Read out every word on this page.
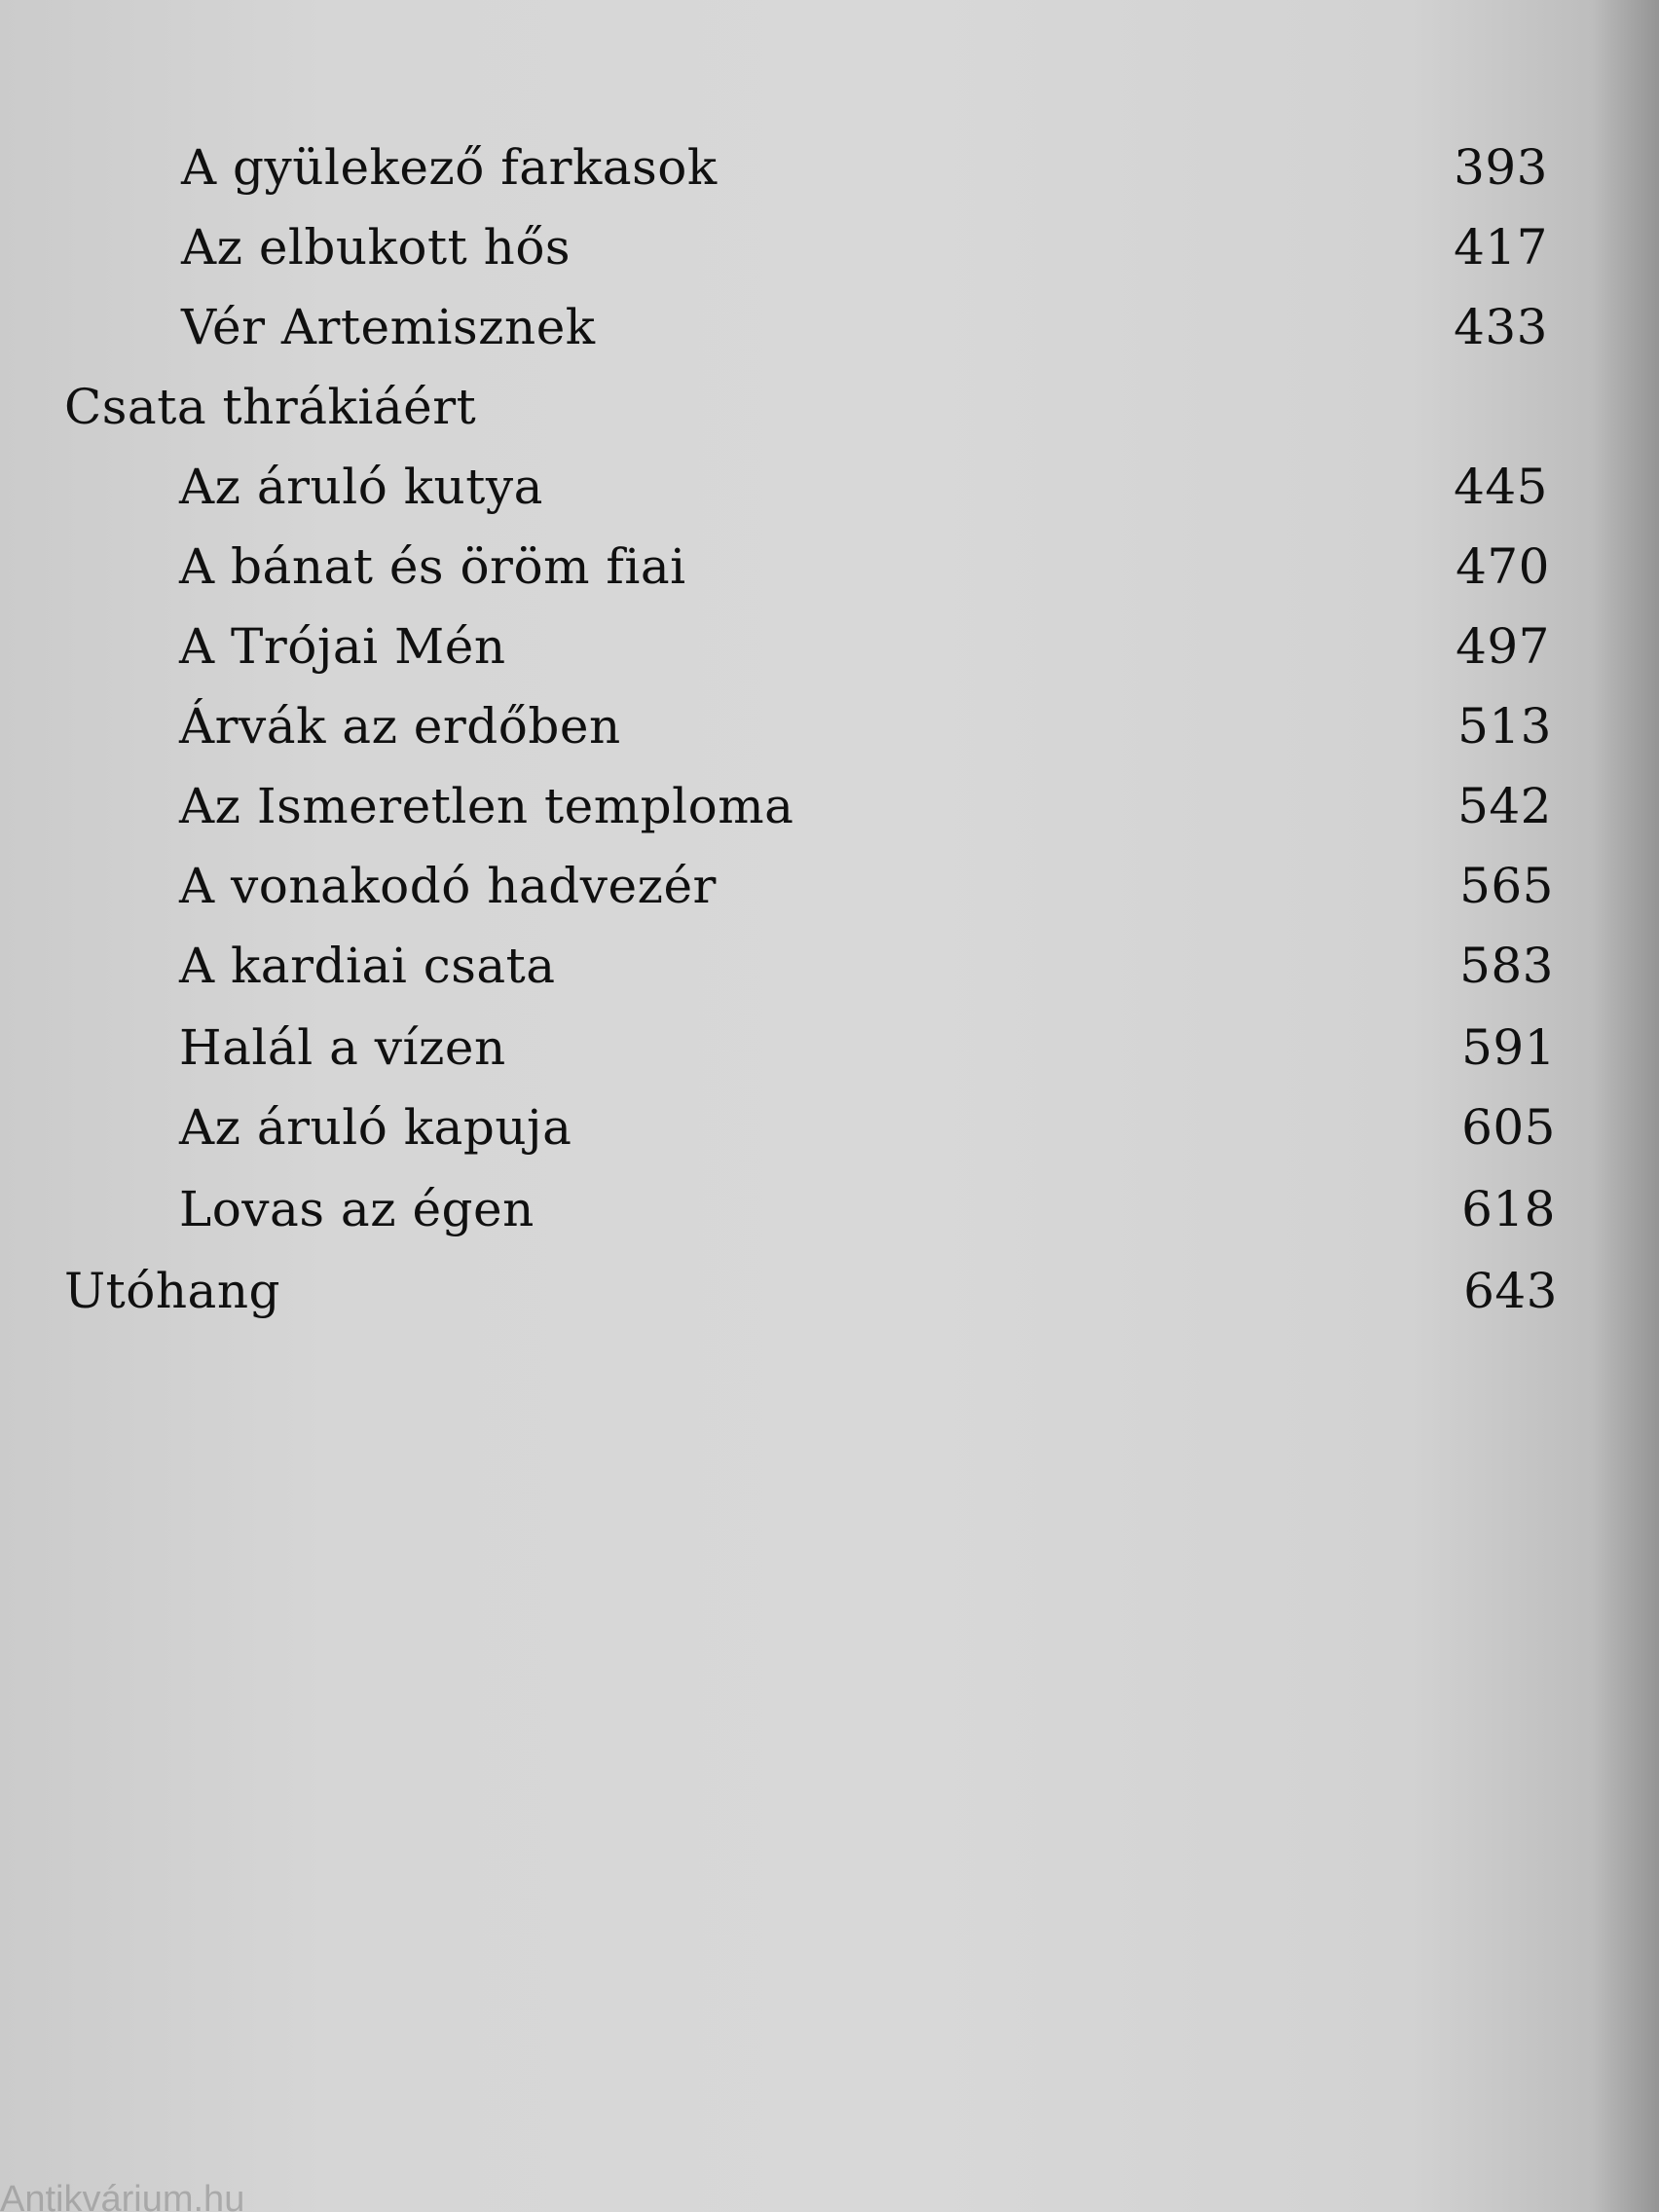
A gyülekező farkasok	393
Az elbukott hős	417
Vér Artemisznek	433
Csata thrákiáért
Az áruló kutya	445
A bánat és öröm fiai	470
A Trójai Mén	497
Árvák az erdőben	513
Az Ismeretlen temploma	542
A vonakodó hadvezér	565
A kardiai csata	583
Halál a vízen	591
Az áruló kapuja	605
Lovas az égen	618
Utóhang	643
Antikvárium.hu
